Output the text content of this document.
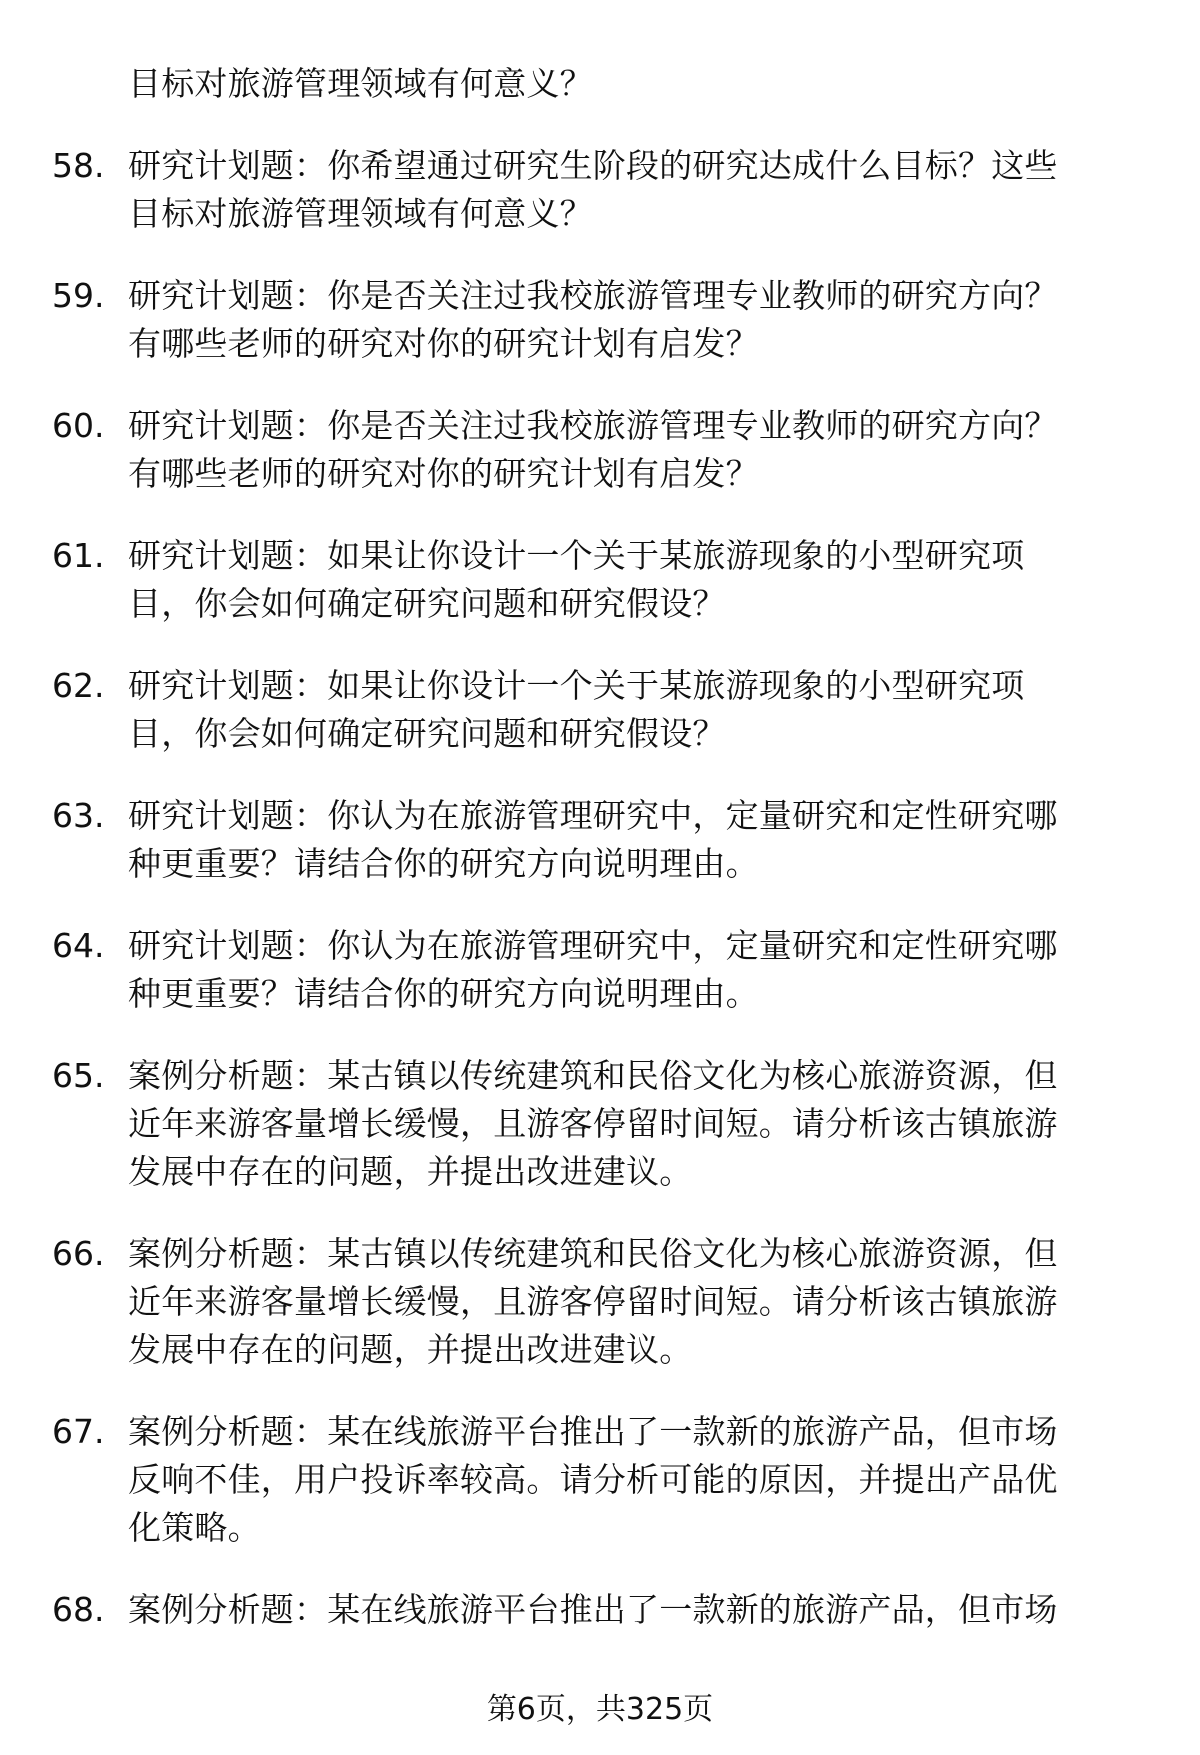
目标对旅游管理领域有何意义？
58. 研究计划题：你希望通过研究生阶段的研究达成什么目标？这些
目标对旅游管理领域有何意义？
59. 研究计划题：你是否关注过我校旅游管理专业教师的研究方向？
有哪些老师的研究对你的研究计划有启发？
60. 研究计划题：你是否关注过我校旅游管理专业教师的研究方向？
有哪些老师的研究对你的研究计划有启发？
61. 研究计划题：如果让你设计一个关于某旅游现象的小型研究项
目，你会如何确定研究问题和研究假设？
62. 研究计划题：如果让你设计一个关于某旅游现象的小型研究项
目，你会如何确定研究问题和研究假设？
63. 研究计划题：你认为在旅游管理研究中，定量研究和定性研究哪
种更重要？请结合你的研究方向说明理由。
64. 研究计划题：你认为在旅游管理研究中，定量研究和定性研究哪
种更重要？请结合你的研究方向说明理由。
65. 案例分析题：某古镇以传统建筑和民俗文化为核心旅游资源，但
近年来游客量增长缓慢，且游客停留时间短。请分析该古镇旅游
发展中存在的问题，并提出改进建议。
66. 案例分析题：某古镇以传统建筑和民俗文化为核心旅游资源，但
近年来游客量增长缓慢，且游客停留时间短。请分析该古镇旅游
发展中存在的问题，并提出改进建议。
67. 案例分析题：某在线旅游平台推出了一款新的旅游产品，但市场
反响不佳，用户投诉率较高。请分析可能的原因，并提出产品优
化策略。
68. 案例分析题：某在线旅游平台推出了一款新的旅游产品，但市场
第6页，共325页
